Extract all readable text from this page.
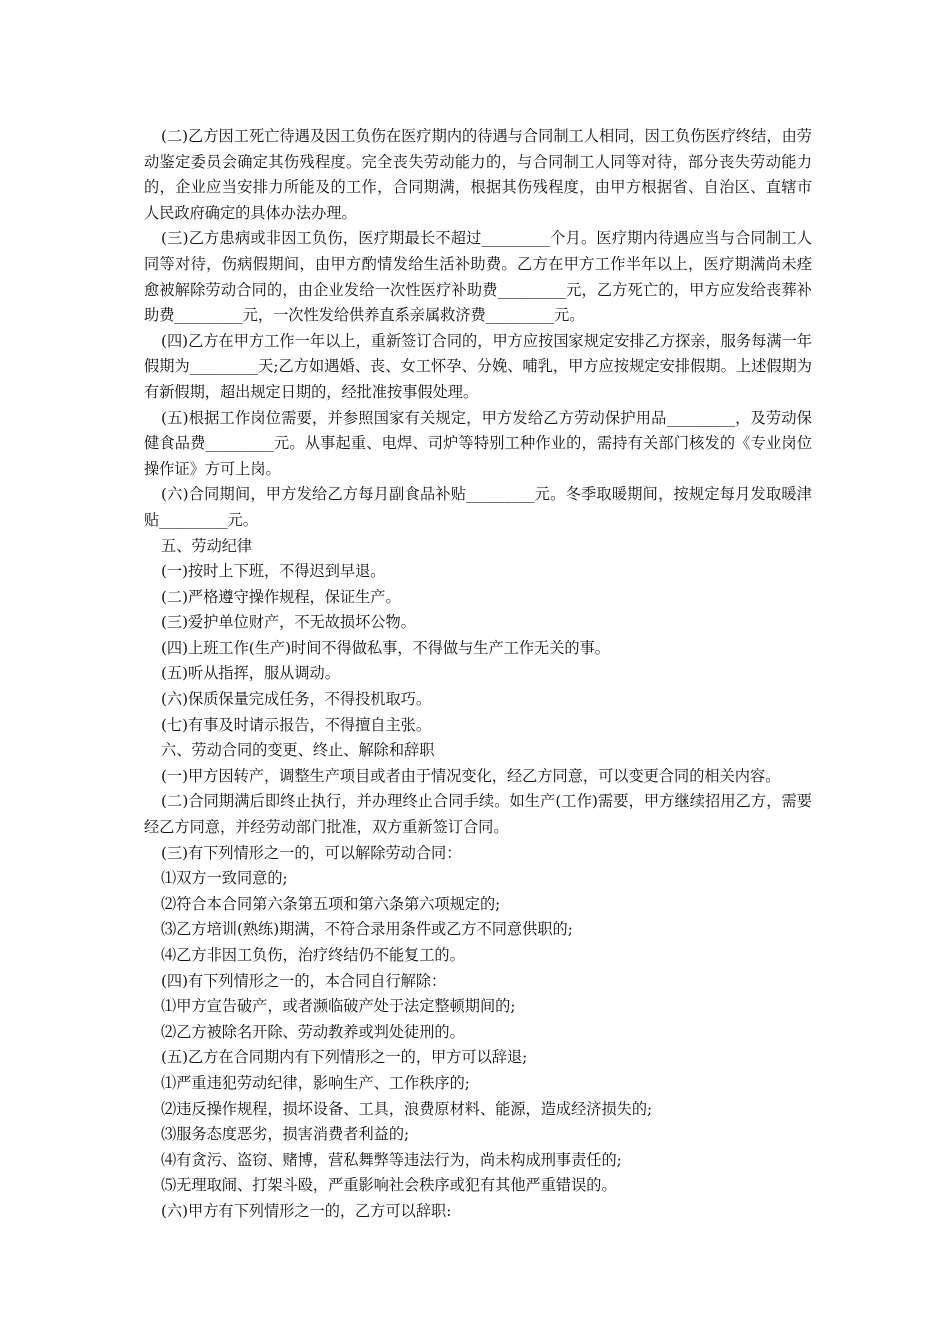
(二)乙方因工死亡待遇及因工负伤在医疗期内的待遇与合同制工人相同，因工负伤医疗终结，由劳动鉴定委员会确定其伤残程度。完全丧失劳动能力的，与合同制工人同等对待，部分丧失劳动能力的，企业应当安排力所能及的工作，合同期满，根据其伤残程度，由甲方根据省、自治区、直辖市人民政府确定的具体办法办理。

(三)乙方患病或非因工负伤，医疗期最长不超过_________个月。医疗期内待遇应当与合同制工人同等对待，伤病假期间，由甲方酌情发给生活补助费。乙方在甲方工作半年以上，医疗期满尚未痊愈被解除劳动合同的，由企业发给一次性医疗补助费_________元，乙方死亡的，甲方应发给丧葬补助费_________元，一次性发给供养直系亲属救济费_________元。

(四)乙方在甲方工作一年以上，重新签订合同的，甲方应按国家规定安排乙方探亲，服务每满一年假期为_________天;乙方如遇婚、丧、女工怀孕、分娩、哺乳，甲方应按规定安排假期。上述假期为有新假期，超出规定日期的，经批准按事假处理。

(五)根据工作岗位需要，并参照国家有关规定，甲方发给乙方劳动保护用品_________，及劳动保健食品费_________元。从事起重、电焊、司炉等特别工种作业的，需持有关部门核发的《专业岗位操作证》方可上岗。

(六)合同期间，甲方发给乙方每月副食品补贴_________元。冬季取暖期间，按规定每月发取暖津贴_________元。

五、劳动纪律

(一)按时上下班，不得迟到早退。

(二)严格遵守操作规程，保证生产。

(三)爱护单位财产，不无故损坏公物。

(四)上班工作(生产)时间不得做私事，不得做与生产工作无关的事。

(五)听从指挥，服从调动。

(六)保质保量完成任务，不得投机取巧。

(七)有事及时请示报告，不得擅自主张。

六、劳动合同的变更、终止、解除和辞职

(一)甲方因转产，调整生产项目或者由于情况变化，经乙方同意，可以变更合同的相关内容。

(二)合同期满后即终止执行，并办理终止合同手续。如生产(工作)需要，甲方继续招用乙方，需要经乙方同意，并经劳动部门批准，双方重新签订合同。

(三)有下列情形之一的，可以解除劳动合同：

⑴双方一致同意的;

⑵符合本合同第六条第五项和第六条第六项规定的;

⑶乙方培训(熟练)期满，不符合录用条件或乙方不同意供职的;

⑷乙方非因工负伤，治疗终结仍不能复工的。

(四)有下列情形之一的，本合同自行解除：

⑴甲方宣告破产，或者濒临破产处于法定整顿期间的;

⑵乙方被除名开除、劳动教养或判处徒刑的。

(五)乙方在合同期内有下列情形之一的，甲方可以辞退;

⑴严重违犯劳动纪律，影响生产、工作秩序的;

⑵违反操作规程，损坏设备、工具，浪费原材料、能源，造成经济损失的;

⑶服务态度恶劣，损害消费者利益的;

⑷有贪污、盗窃、赌博，营私舞弊等违法行为，尚未构成刑事责任的;

⑸无理取闹、打架斗殴，严重影响社会秩序或犯有其他严重错误的。

(六)甲方有下列情形之一的，乙方可以辞职:
